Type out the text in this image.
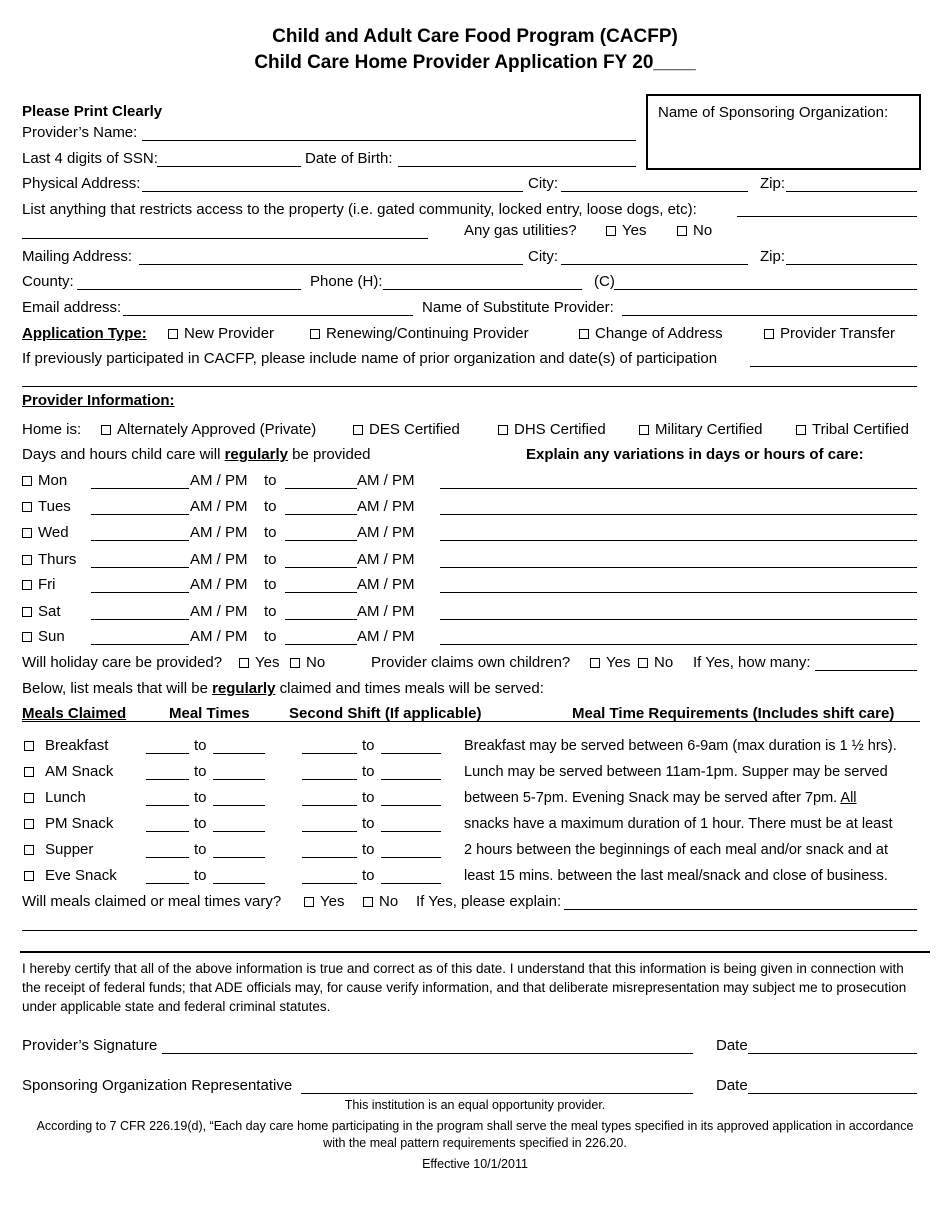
Child and Adult Care Food Program (CACFP)
Child Care Home Provider Application FY 20____
Name of Sponsoring Organization:
Please Print Clearly
Provider’s Name:
Last 4 digits of SSN:	Date of Birth:
Physical Address:	City:	Zip:
List anything that restricts access to the property (i.e. gated community, locked entry, loose dogs, etc):
Any gas utilities?	Yes	No
Mailing Address:	City:	Zip:
County:	Phone (H):	(C)
Email address:	Name of Substitute Provider:
Application Type:	New Provider	Renewing/Continuing Provider	Change of Address	Provider Transfer
If previously participated in CACFP, please include name of prior organization and date(s) of participation
Provider Information:
Home is:	Alternately Approved (Private)	DES Certified	DHS Certified	Military Certified	Tribal Certified
Days and hours child care will regularly be provided	Explain any variations in days or hours of care:
Mon	AM / PM to	AM / PM
Tues	AM / PM to	AM / PM
Wed	AM / PM to	AM / PM
Thurs	AM / PM to	AM / PM
Fri	AM / PM to	AM / PM
Sat	AM / PM to	AM / PM
Sun	AM / PM to	AM / PM
Will holiday care be provided?	Yes	No	Provider claims own children?	Yes	No If Yes, how many:
Below, list meals that will be regularly claimed and times meals will be served:
Meals Claimed	Meal Times	Second Shift (If applicable)	Meal Time Requirements (Includes shift care)
Breakfast	to	to
AM Snack	to	to
Lunch	to	to
PM Snack	to	to
Supper	to	to
Eve Snack	to	to
Breakfast may be served between 6-9am (max duration is 1 ½ hrs).
Lunch may be served between 11am-1pm. Supper may be served
between 5-7pm. Evening Snack may be served after 7pm. All
snacks have a maximum duration of 1 hour. There must be at least
2 hours between the beginnings of each meal and/or snack and at
least 15 mins. between the last meal/snack and close of business.
Will meals claimed or meal times vary?	Yes	No If Yes, please explain:
I hereby certify that all of the above information is true and correct as of this date. I understand that this information is being given in connection with the receipt of federal funds; that ADE officials may, for cause verify information, and that deliberate misrepresentation may subject me to prosecution under applicable state and federal criminal statutes.
Provider’s Signature	Date
Sponsoring Organization Representative	Date
This institution is an equal opportunity provider.
According to 7 CFR 226.19(d), “Each day care home participating in the program shall serve the meal types specified in its approved application in accordance with the meal pattern requirements specified in 226.20.
Effective 10/1/2011
